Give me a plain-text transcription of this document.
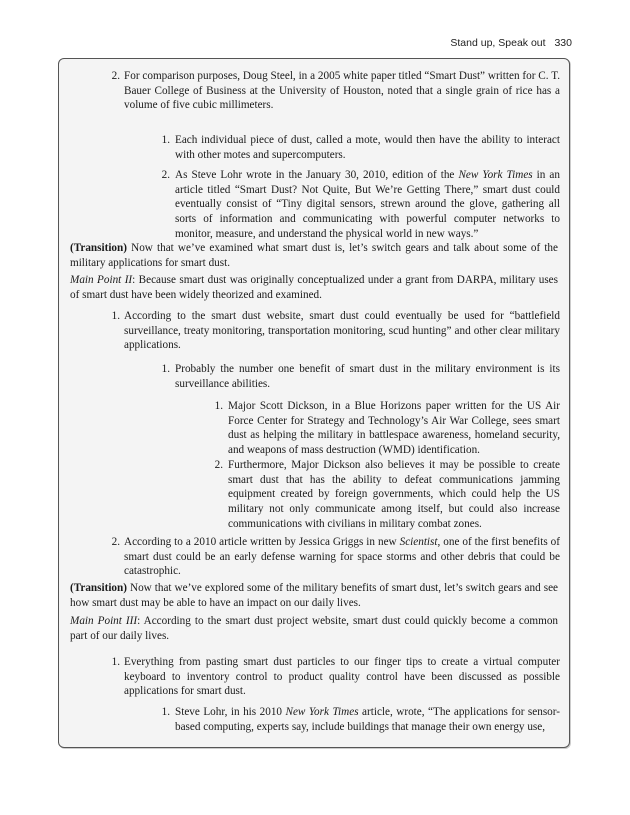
Stand up, Speak out 330
2. For comparison purposes, Doug Steel, in a 2005 white paper titled “Smart Dust” written for C. T. Bauer College of Business at the University of Houston, noted that a single grain of rice has a volume of five cubic millimeters.
1. Each individual piece of dust, called a mote, would then have the ability to interact with other motes and supercomputers.
2. As Steve Lohr wrote in the January 30, 2010, edition of the New York Times in an article titled “Smart Dust? Not Quite, But We’re Getting There,” smart dust could eventually consist of “Tiny digital sensors, strewn around the glove, gathering all sorts of information and communicating with powerful computer networks to monitor, measure, and understand the physical world in new ways.”
(Transition) Now that we’ve examined what smart dust is, let’s switch gears and talk about some of the military applications for smart dust.
Main Point II: Because smart dust was originally conceptualized under a grant from DARPA, military uses of smart dust have been widely theorized and examined.
1. According to the smart dust website, smart dust could eventually be used for “battlefield surveillance, treaty monitoring, transportation monitoring, scud hunting” and other clear military applications.
1. Probably the number one benefit of smart dust in the military environment is its surveillance abilities.
1. Major Scott Dickson, in a Blue Horizons paper written for the US Air Force Center for Strategy and Technology’s Air War College, sees smart dust as helping the military in battlespace awareness, homeland security, and weapons of mass destruction (WMD) identification.
2. Furthermore, Major Dickson also believes it may be possible to create smart dust that has the ability to defeat communications jamming equipment created by foreign governments, which could help the US military not only communicate among itself, but could also increase communications with civilians in military combat zones.
2. According to a 2010 article written by Jessica Griggs in new Scientist, one of the first benefits of smart dust could be an early defense warning for space storms and other debris that could be catastrophic.
(Transition) Now that we’ve explored some of the military benefits of smart dust, let’s switch gears and see how smart dust may be able to have an impact on our daily lives.
Main Point III: According to the smart dust project website, smart dust could quickly become a common part of our daily lives.
1. Everything from pasting smart dust particles to our finger tips to create a virtual computer keyboard to inventory control to product quality control have been discussed as possible applications for smart dust.
1. Steve Lohr, in his 2010 New York Times article, wrote, “The applications for sensor-based computing, experts say, include buildings that manage their own energy use,
